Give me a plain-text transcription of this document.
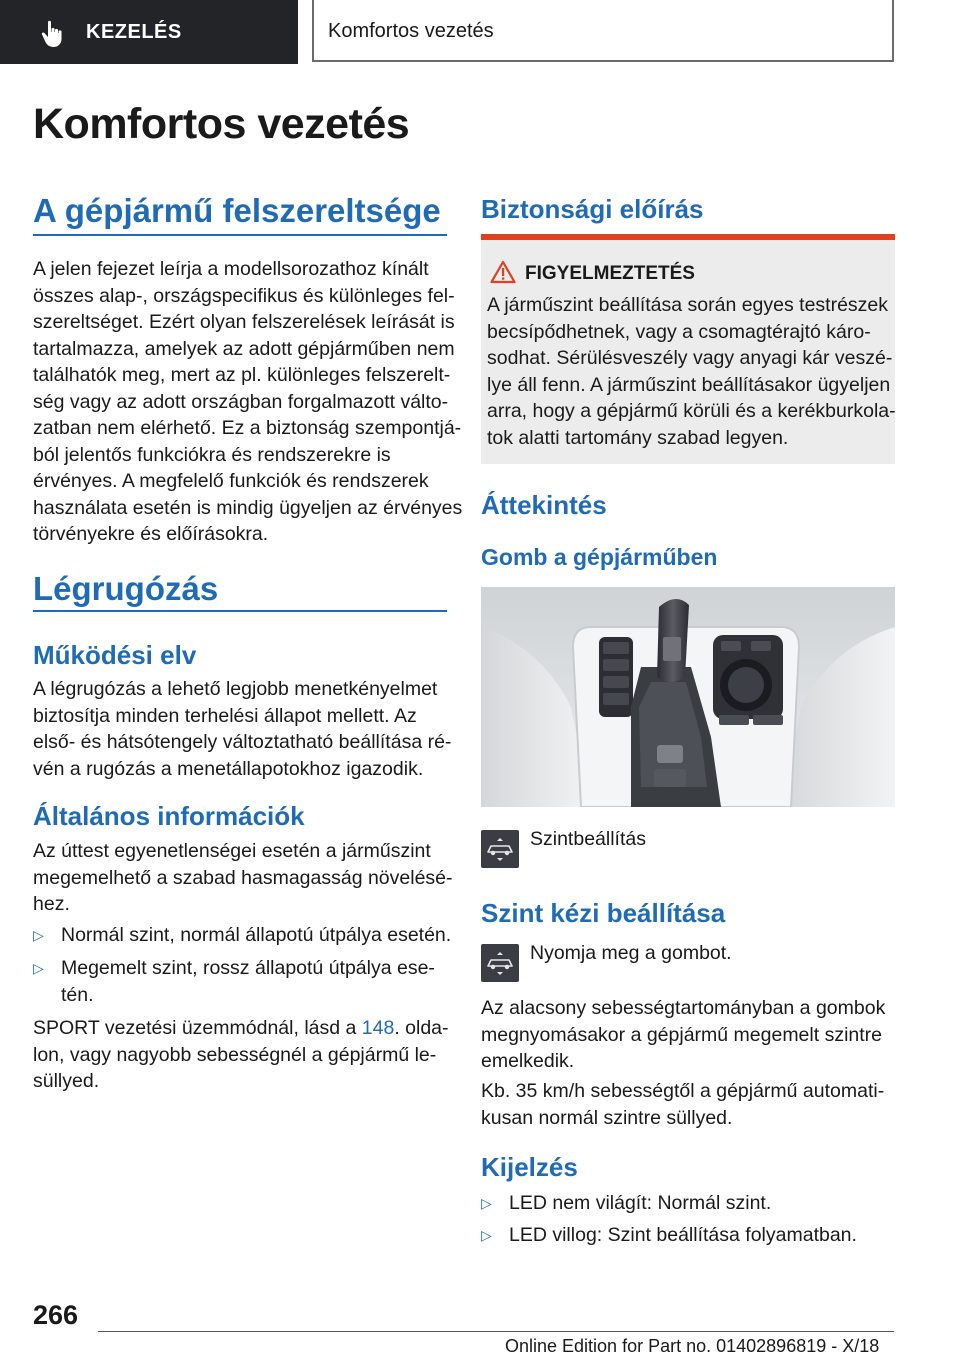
KEZELÉS	Komfortos vezetés
Komfortos vezetés
A gépjármű felszereltsége
A jelen fejezet leírja a modellsorozathoz kínált
összes alap-, országspecifikus és különleges fel-
szereltséget. Ezért olyan felszerelések leírását is
tartalmazza, amelyek az adott gépjárműben nem
találhatók meg, mert az pl. különleges felszerelt-
ség vagy az adott országban forgalmazott válto-
zatban nem elérhető. Ez a biztonság szempontjá-
ból jelentős funkciókra és rendszerekre is
érvényes. A megfelelő funkciók és rendszerek
használata esetén is mindig ügyeljen az érvényes
törvényekre és előírásokra.
Légrugózás
Működési elv
A légrugózás a lehető legjobb menetkényelmet
biztosítja minden terhelési állapot mellett. Az
első- és hátsótengely változtatható beállítása ré-
vén a rugózás a menetállapotokhoz igazodik.
Általános információk
Az úttest egyenetlenségei esetén a járműszint
megemelhető a szabad hasmagasság növelésé-
hez.
▷ Normál szint, normál állapotú útpálya esetén.
▷ Megemelt szint, rossz állapotú útpálya ese-
tén.
SPORT vezetési üzemmódnál, lásd a 148. olda-
lon, vagy nagyobb sebességnél a gépjármű le-
süllyed.
Biztonsági előírás
FIGYELMEZTETÉS
A járműszint beállítása során egyes testrészek
becsípődhetnek, vagy a csomagtérajtó káro-
sodhat. Sérülésveszély vagy anyagi kár veszé-
lye áll fenn. A járműszint beállításakor ügyeljen
arra, hogy a gépjármű körüli és a kerékburkola-
tok alatti tartomány szabad legyen.
Áttekintés
Gomb a gépjárműben
Szintbeállítás
Szint kézi beállítása
Nyomja meg a gombot.
Az alacsony sebességtartományban a gombok
megnyomásakor a gépjármű megemelt szintre
emelkedik.
Kb. 35 km/h sebességtől a gépjármű automati-
kusan normál szintre süllyed.
Kijelzés
▷ LED nem világít: Normál szint.
▷ LED villog: Szint beállítása folyamatban.
266
Online Edition for Part no. 01402896819 - X/18
